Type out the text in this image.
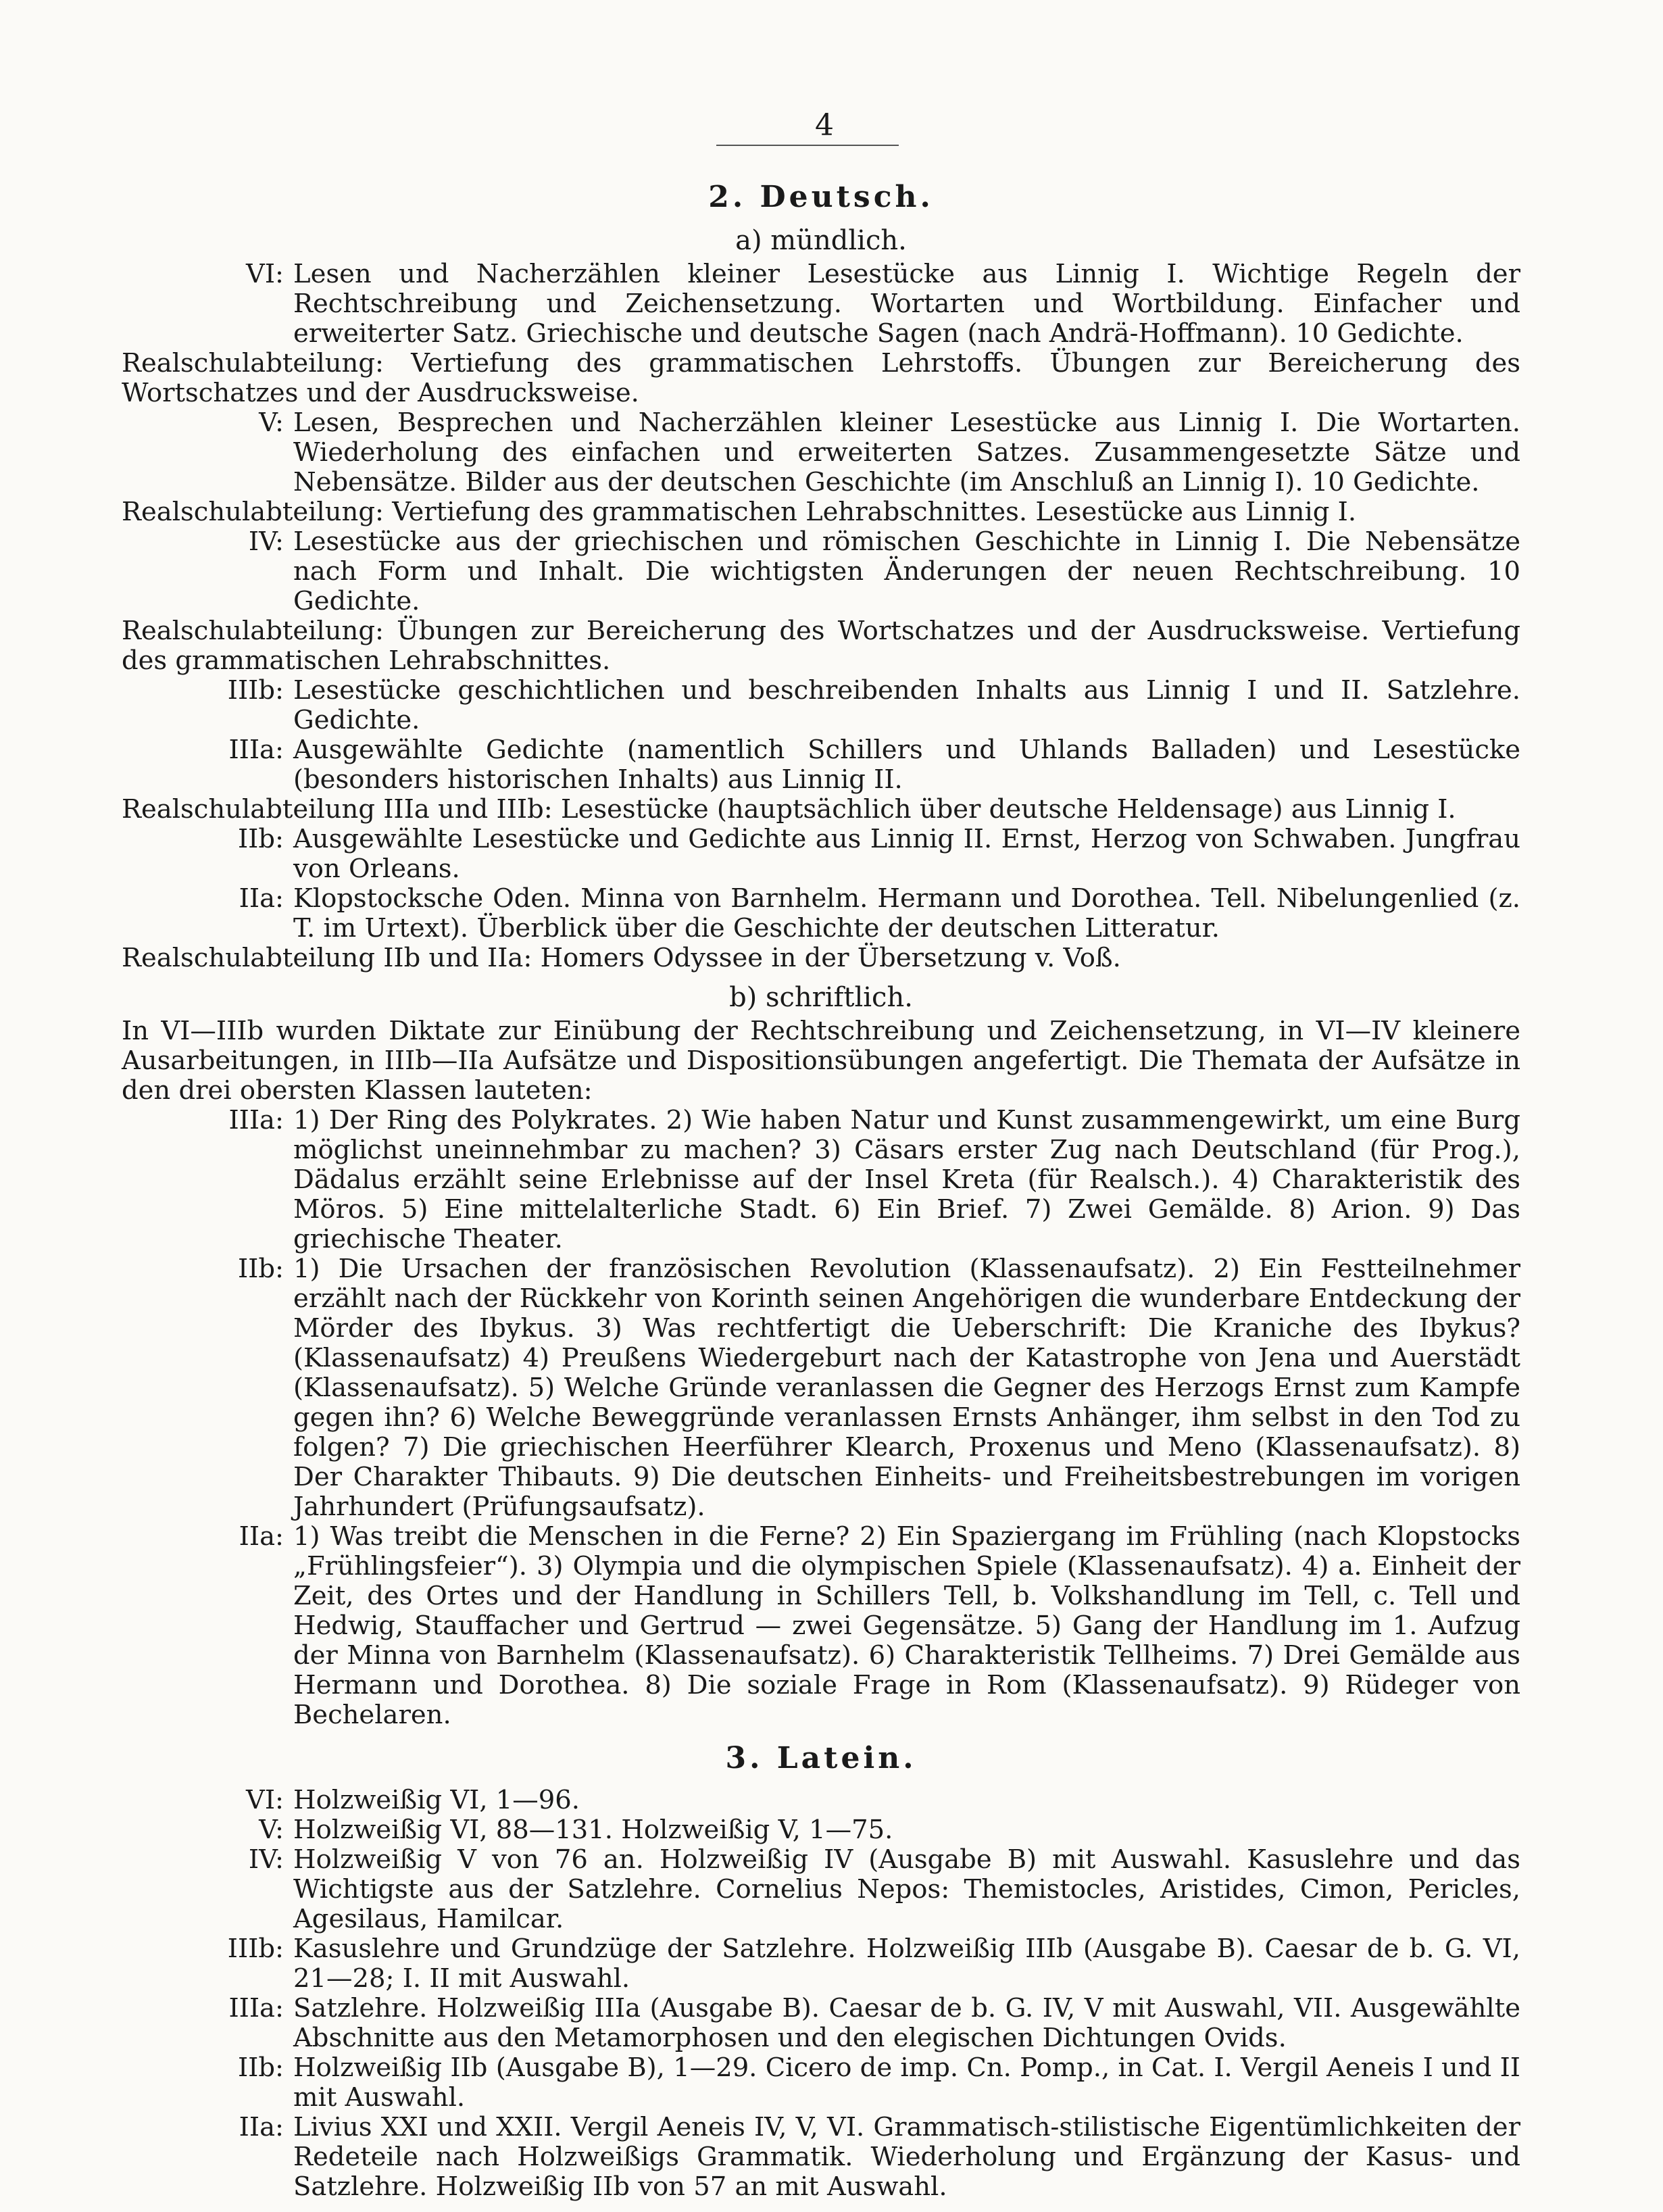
4
2. Deutsch.
a) mündlich.
VI: Lesen und Nacherzählen kleiner Lesestücke aus Linnig I. Wichtige Regeln der Rechtschreibung und Zeichensetzung. Wortarten und Wortbildung. Einfacher und erweiterter Satz. Griechische und deutsche Sagen (nach Andrä-Hoffmann). 10 Gedichte.
Realschulabteilung: Vertiefung des grammatischen Lehrstoffs. Übungen zur Bereicherung des Wortschatzes und der Ausdrucksweise.
V: Lesen, Besprechen und Nacherzählen kleiner Lesestücke aus Linnig I. Die Wortarten. Wiederholung des einfachen und erweiterten Satzes. Zusammengesetzte Sätze und Nebensätze. Bilder aus der deutschen Geschichte (im Anschluß an Linnig I). 10 Gedichte.
Realschulabteilung: Vertiefung des grammatischen Lehrabschnittes. Lesestücke aus Linnig I.
IV: Lesestücke aus der griechischen und römischen Geschichte in Linnig I. Die Nebensätze nach Form und Inhalt. Die wichtigsten Änderungen der neuen Rechtschreibung. 10 Gedichte.
Realschulabteilung: Übungen zur Bereicherung des Wortschatzes und der Ausdrucksweise. Vertiefung des grammatischen Lehrabschnittes.
IIIb: Lesestücke geschichtlichen und beschreibenden Inhalts aus Linnig I und II. Satzlehre. Gedichte.
IIIa: Ausgewählte Gedichte (namentlich Schillers und Uhlands Balladen) und Lesestücke (besonders historischen Inhalts) aus Linnig II.
Realschulabteilung IIIa und IIIb: Lesestücke (hauptsächlich über deutsche Heldensage) aus Linnig I.
IIb: Ausgewählte Lesestücke und Gedichte aus Linnig II. Ernst, Herzog von Schwaben. Jungfrau von Orleans.
IIa: Klopstocksche Oden. Minna von Barnhelm. Hermann und Dorothea. Tell. Nibelungenlied (z. T. im Urtext). Überblick über die Geschichte der deutschen Litteratur.
Realschulabteilung IIb und IIa: Homers Odyssee in der Übersetzung v. Voß.
b) schriftlich.
In VI—IIIb wurden Diktate zur Einübung der Rechtschreibung und Zeichensetzung, in VI—IV kleinere Ausarbeitungen, in IIIb—IIa Aufsätze und Dispositionsübungen angefertigt. Die Themata der Aufsätze in den drei obersten Klassen lauteten:
IIIa: 1) Der Ring des Polykrates. 2) Wie haben Natur und Kunst zusammengewirkt, um eine Burg möglichst uneinnehmbar zu machen? 3) Cäsars erster Zug nach Deutschland (für Prog.), Dädalus erzählt seine Erlebnisse auf der Insel Kreta (für Realsch.). 4) Charakteristik des Möros. 5) Eine mittelalterliche Stadt. 6) Ein Brief. 7) Zwei Gemälde. 8) Arion. 9) Das griechische Theater.
IIb: 1) Die Ursachen der französischen Revolution (Klassenaufsatz). 2) Ein Festteilnehmer erzählt nach der Rückkehr von Korinth seinen Angehörigen die wunderbare Entdeckung der Mörder des Ibykus. 3) Was rechtfertigt die Ueberschrift: Die Kraniche des Ibykus? (Klassenaufsatz) 4) Preußens Wiedergeburt nach der Katastrophe von Jena und Auerstädt (Klassenaufsatz). 5) Welche Gründe veranlassen die Gegner des Herzogs Ernst zum Kampfe gegen ihn? 6) Welche Beweggründe veranlassen Ernsts Anhänger, ihm selbst in den Tod zu folgen? 7) Die griechischen Heerführer Klearch, Proxenus und Meno (Klassenaufsatz). 8) Der Charakter Thibauts. 9) Die deutschen Einheits- und Freiheitsbestrebungen im vorigen Jahrhundert (Prüfungsaufsatz).
IIa: 1) Was treibt die Menschen in die Ferne? 2) Ein Spaziergang im Frühling (nach Klopstocks „Frühlingsfeier“). 3) Olympia und die olympischen Spiele (Klassenaufsatz). 4) a. Einheit der Zeit, des Ortes und der Handlung in Schillers Tell, b. Volkshandlung im Tell, c. Tell und Hedwig, Stauffacher und Gertrud — zwei Gegensätze. 5) Gang der Handlung im 1. Aufzug der Minna von Barnhelm (Klassenaufsatz). 6) Charakteristik Tellheims. 7) Drei Gemälde aus Hermann und Dorothea. 8) Die soziale Frage in Rom (Klassenaufsatz). 9) Rüdeger von Bechelaren.
3. Latein.
VI: Holzweißig VI, 1—96.
V: Holzweißig VI, 88—131. Holzweißig V, 1—75.
IV: Holzweißig V von 76 an. Holzweißig IV (Ausgabe B) mit Auswahl. Kasuslehre und das Wichtigste aus der Satzlehre. Cornelius Nepos: Themistocles, Aristides, Cimon, Pericles, Agesilaus, Hamilcar.
IIIb: Kasuslehre und Grundzüge der Satzlehre. Holzweißig IIIb (Ausgabe B). Caesar de b. G. VI, 21—28; I. II mit Auswahl.
IIIa: Satzlehre. Holzweißig IIIa (Ausgabe B). Caesar de b. G. IV, V mit Auswahl, VII. Ausgewählte Abschnitte aus den Metamorphosen und den elegischen Dichtungen Ovids.
IIb: Holzweißig IIb (Ausgabe B), 1—29. Cicero de imp. Cn. Pomp., in Cat. I. Vergil Aeneis I und II mit Auswahl.
IIa: Livius XXI und XXII. Vergil Aeneis IV, V, VI. Grammatisch-stilistische Eigentümlichkeiten der Redeteile nach Holzweißigs Grammatik. Wiederholung und Ergänzung der Kasus- und Satzlehre. Holzweißig IIb von 57 an mit Auswahl.
